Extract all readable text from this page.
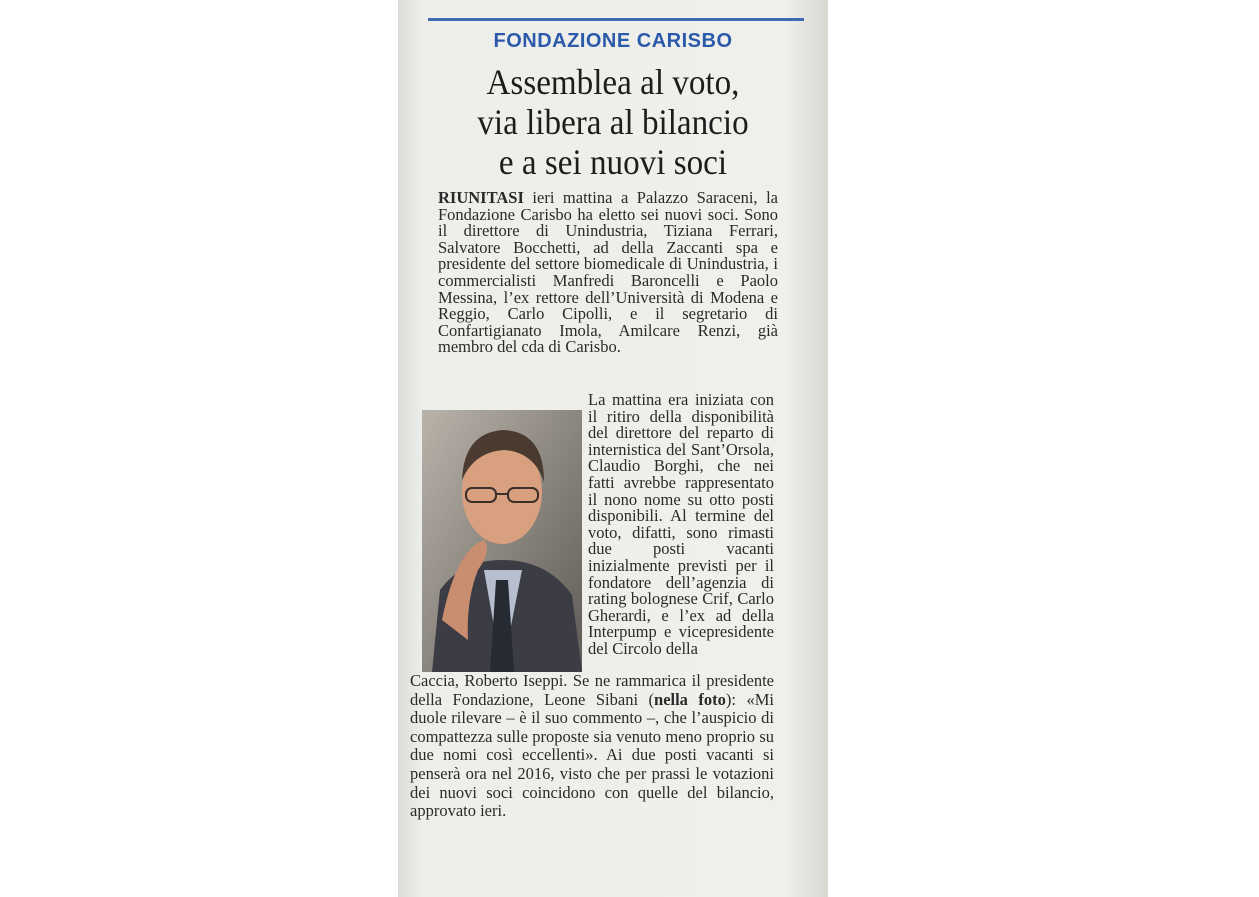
FONDAZIONE CARISBO
Assemblea al voto,
via libera al bilancio
e a sei nuovi soci

RIUNITASI ieri mattina a Palazzo Saraceni, la Fondazione Carisbo ha eletto sei nuovi soci. Sono il direttore di Unindustria, Tiziana Ferrari, Salvatore Bocchetti, ad della Zaccanti spa e presidente del settore biomedicale di Unindustria, i commercialisti Manfredi Baroncelli e Paolo Messina, l’ex rettore dell’Università di Modena e Reggio, Carlo Cipolli, e il segretario di Confartigianato Imola, Amilcare Renzi, già membro del cda di Carisbo.

La mattina era iniziata con il ritiro della disponibilità del direttore del reparto di internistica del Sant’Orsola, Claudio Borghi, che nei fatti avrebbe rappresentato il nono nome su otto posti disponibili. Al termine del voto, difatti, sono rimasti due posti vacanti inizialmente previsti per il fondatore dell’agenzia di rating bolognese Crif, Carlo Gherardi, e l’ex ad della Interpump e vicepresidente del Circolo della
Caccia, Roberto Iseppi. Se ne rammarica il presidente della Fondazione, Leone Sibani (nella foto): «Mi duole rilevare – è il suo commento –, che l’auspicio di compattezza sulle proposte sia venuto meno proprio su due nomi così eccellenti». Ai due posti vacanti si penserà ora nel 2016, visto che per prassi le votazioni dei nuovi soci coincidono con quelle del bilancio, approvato ieri.
